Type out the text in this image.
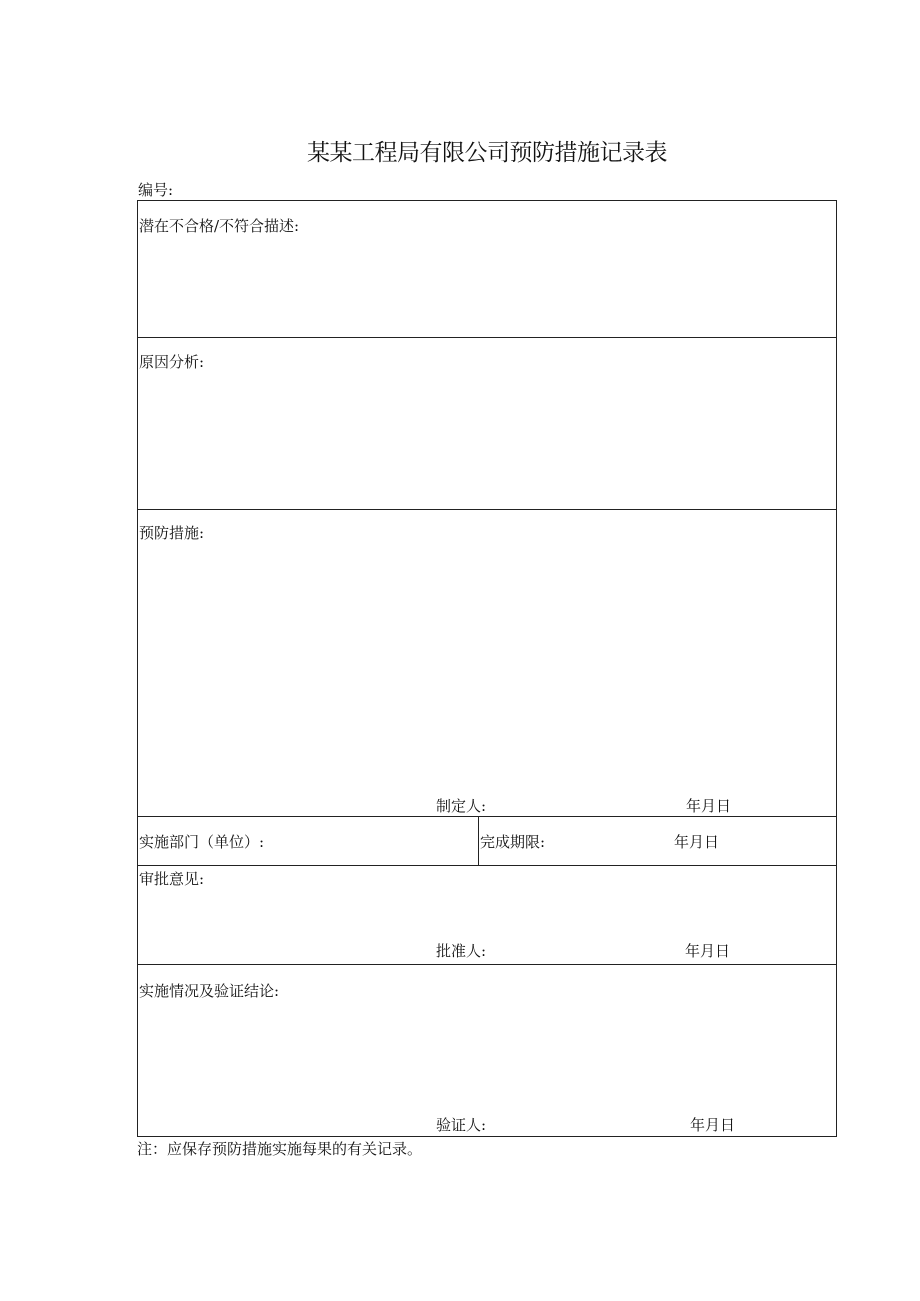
某某工程局有限公司预防措施记录表
编号:
潜在不合格/不符合描述:
原因分析:
预防措施:
制定人:	年月日
实施部门（单位）:	完成期限:	年月日
审批意见:
批准人:	年月日
实施情况及验证结论:
验证人:	年月日
注：应保存预防措施实施每果的有关记录。
